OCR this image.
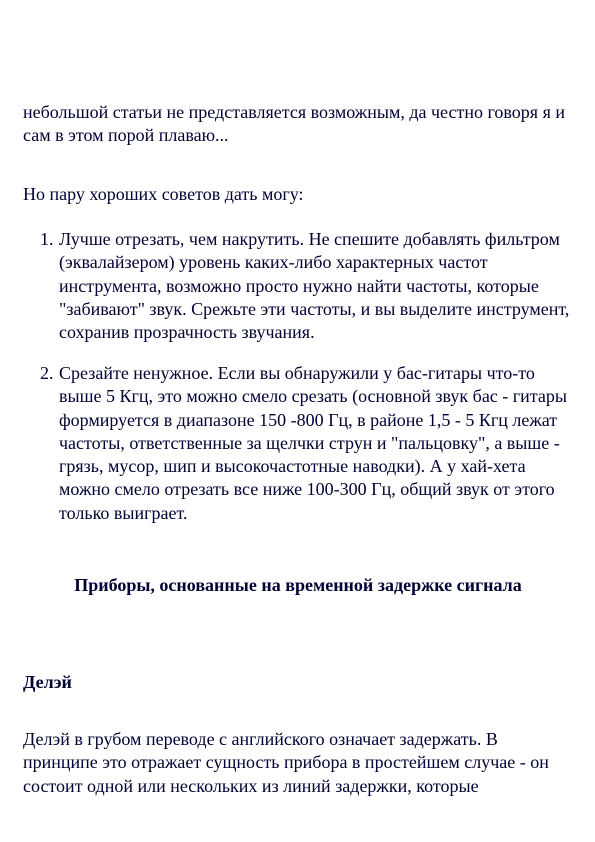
небольшой статьи не представляется возможным, да честно говоря я и сам в этом порой плаваю...

Но пару хороших советов дать могу:

1. Лучше отрезать, чем накрутить. Не спешите добавлять фильтром (эквалайзером) уровень каких-либо характерных частот инструмента, возможно просто нужно найти частоты, которые "забивают" звук. Срежьте эти частоты, и вы выделите инструмент, сохранив прозрачность звучания.
2. Срезайте ненужное. Если вы обнаружили у бас-гитары что-то выше 5 Кгц, это можно смело срезать (основной звук бас - гитары формируется в диапазоне 150 -800 Гц, в районе 1,5 - 5 Кгц лежат частоты, ответственные за щелчки струн и "пальцовку", а выше - грязь, мусор, шип и высокочастотные наводки). А у хай-хета можно смело отрезать все ниже 100-300 Гц, общий звук от этого только выиграет.
Приборы, основанные на временной задержке сигнала
Делэй

Делэй в грубом переводе с английского означает задержать. В принципе это отражает сущность прибора в простейшем случае - он состоит одной или нескольких из линий задержки, которые
